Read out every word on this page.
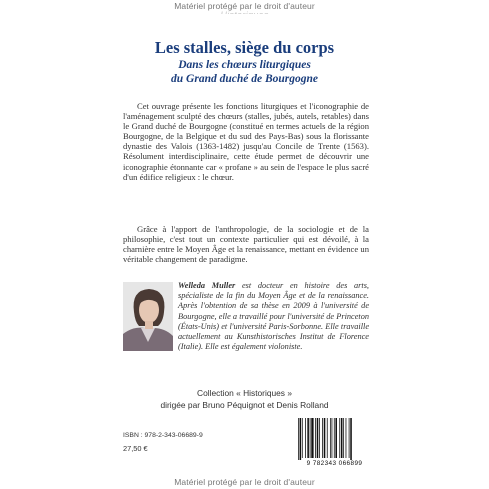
Matériel protégé par le droit d'auteur
Les stalles, siège du corps
Dans les chœurs liturgiques
du Grand duché de Bourgogne

Cet ouvrage présente les fonctions liturgiques et l'iconographie de l'aménagement sculpté des chœurs (stalles, jubés, autels, retables) dans le Grand duché de Bourgogne (constitué en termes actuels de la région Bourgogne, de la Belgique et du sud des Pays-Bas) sous la florissante dynastie des Valois (1363-1482) jusqu'au Concile de Trente (1563). Résolument interdisciplinaire, cette étude permet de découvrir une iconographie étonnante car « profane » au sein de l'espace le plus sacré d'un édifice religieux : le chœur.

Grâce à l'apport de l'anthropologie, de la sociologie et de la philosophie, c'est tout un contexte particulier qui est dévoilé, à la charnière entre le Moyen Âge et la renaissance, mettant en évidence un véritable changement de paradigme.

Welleda Muller est docteur en histoire des arts, spécialiste de la fin du Moyen Âge et de la renaissance. Après l'obtention de sa thèse en 2009 à l'université de Bourgogne, elle a travaillé pour l'université de Princeton (États-Unis) et l'université Paris-Sorbonne. Elle travaille actuellement au Kunsthistorisches Institut de Florence (Italie). Elle est également violoniste.

Collection « Historiques »
dirigée par Bruno Péquignot et Denis Rolland
ISBN : 978-2-343-06689-9
27,50 €
9 782343 066899
Matériel protégé par le droit d'auteur
